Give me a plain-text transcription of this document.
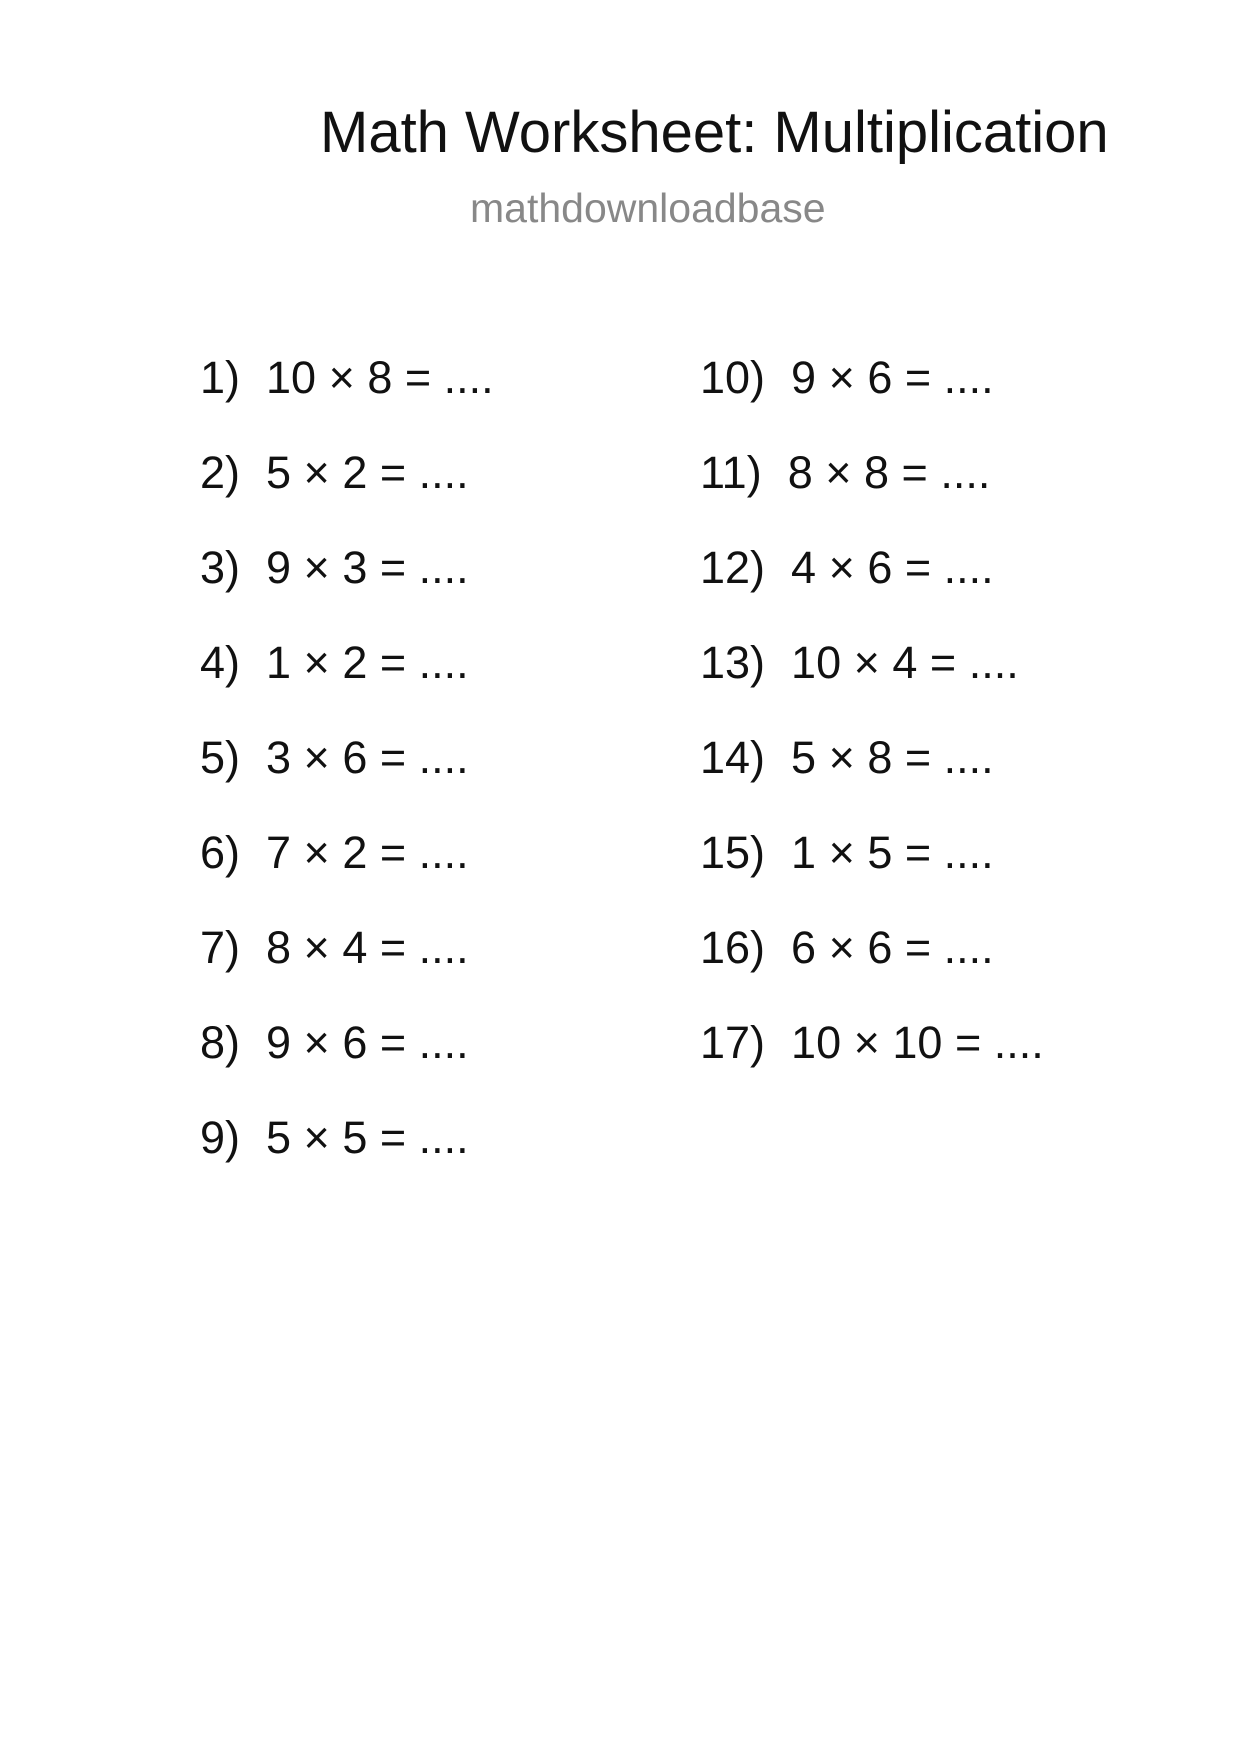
Math Worksheet: Multiplication
mathdownloadbase
1) 10 × 8 = ....
2) 5 × 2 = ....
3) 9 × 3 = ....
4) 1 × 2 = ....
5) 3 × 6 = ....
6) 7 × 2 = ....
7) 8 × 4 = ....
8) 9 × 6 = ....
9) 5 × 5 = ....
10) 9 × 6 = ....
11) 8 × 8 = ....
12) 4 × 6 = ....
13) 10 × 4 = ....
14) 5 × 8 = ....
15) 1 × 5 = ....
16) 6 × 6 = ....
17) 10 × 10 = ....
